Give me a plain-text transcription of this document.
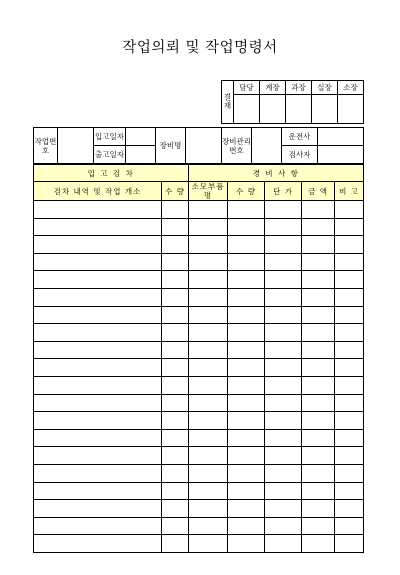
작업의뢰 및 작업명령서
결재	담당	계장	과장	실장	소장

작업번호		입고일자		장비명		장비관리번호		운전사	
		출고일자						검사자	
입 고 검 차		경 비 사 항				
검차 내역 및 작업 개소	수 량	소모부품명	수 량	단 가	금 액	비 고
